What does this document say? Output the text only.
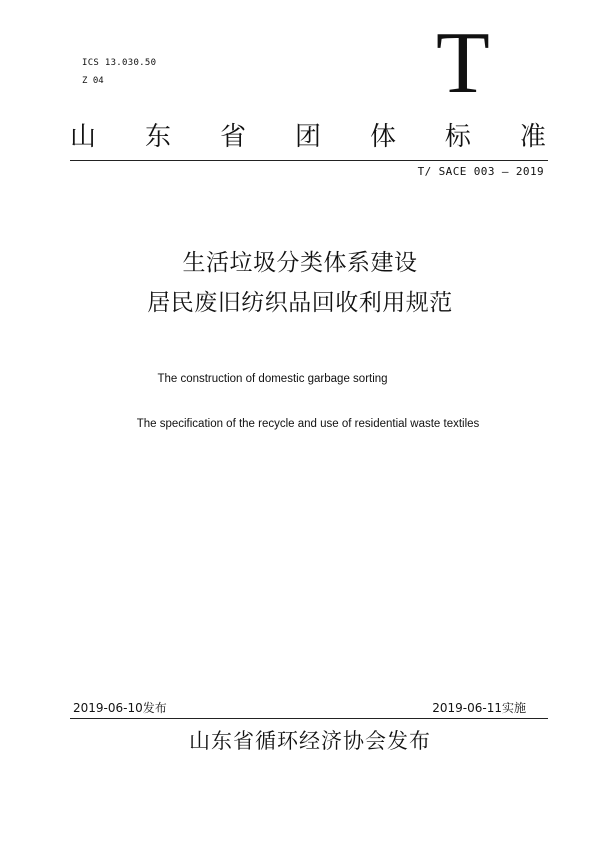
ICS 13.030.50
Z 04	T
山 东 省 团 体 标 准
T/ SACE 003 — 2019
生活垃圾分类体系建设
居民废旧纺织品回收利用规范
The construction of domestic garbage sorting
The specification of the recycle and use of residential waste textiles
2019-06-10发布	2019-06-11实施
山东省循环经济协会发布
